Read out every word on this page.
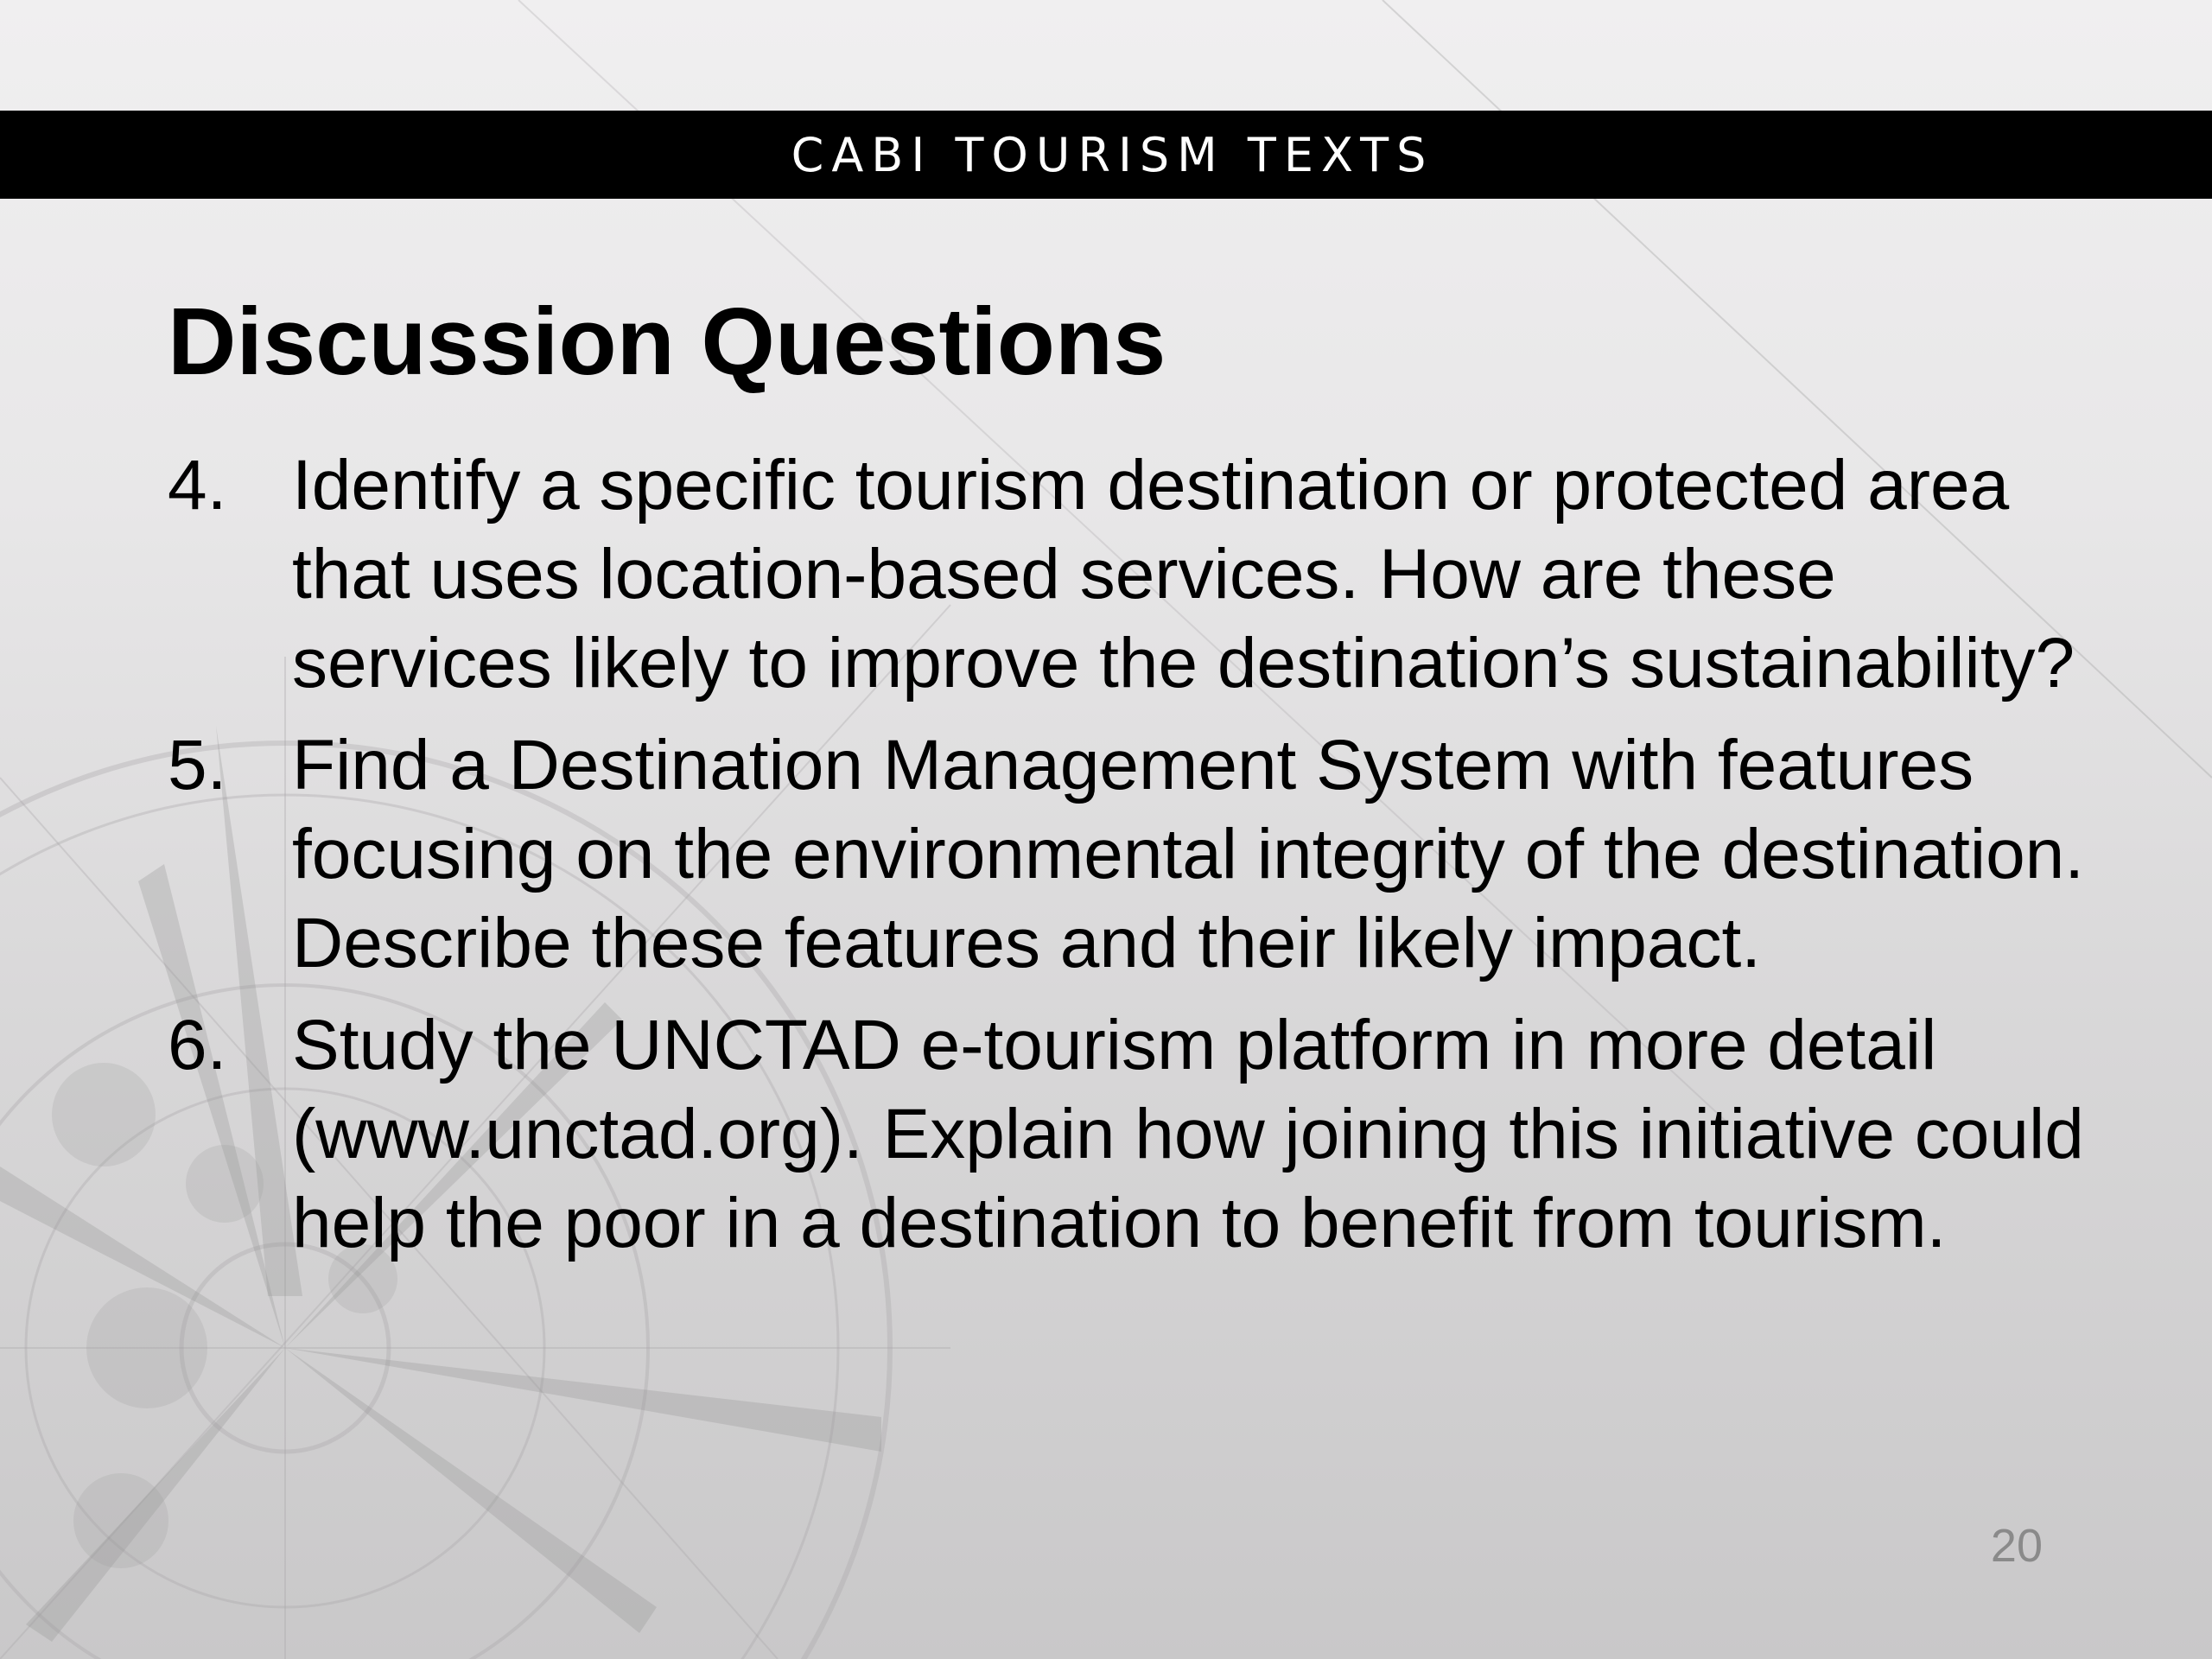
CABI TOURISM TEXTS
Discussion Questions
4. Identify a specific tourism destination or protected area that uses location-based services. How are these services likely to improve the destination’s sustainability?
5. Find a Destination Management System with features focusing on the environmental integrity of the destination. Describe these features and their likely impact.
6. Study the UNCTAD e-tourism platform in more detail (www.unctad.org). Explain how joining this initiative could help the poor in a destination to benefit from tourism.
20
